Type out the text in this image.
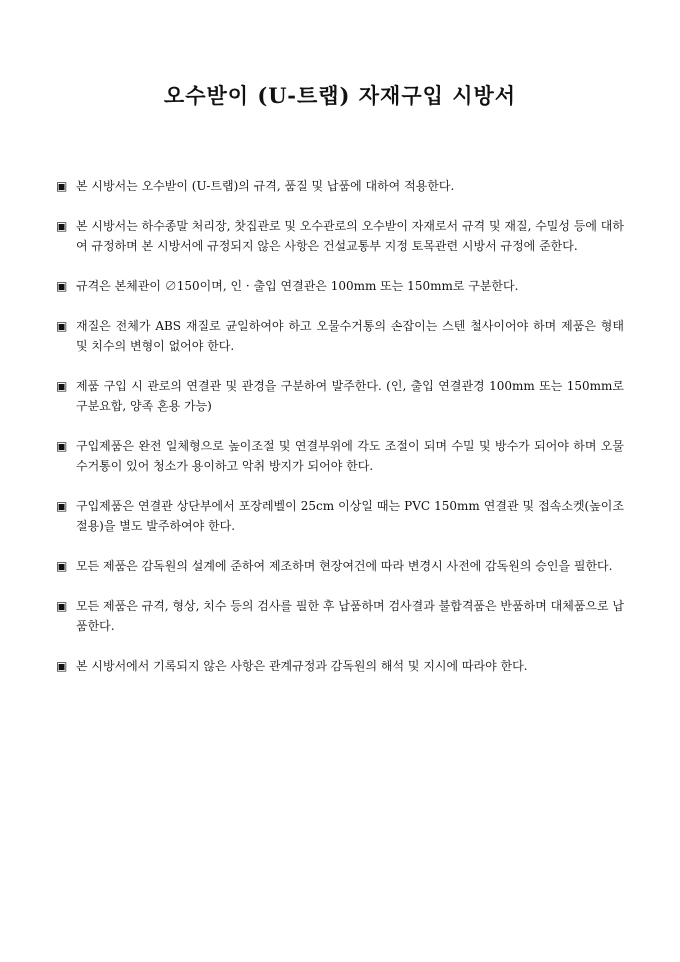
오수받이 (U-트랩) 자재구입 시방서
▣ 본 시방서는 오수받이 (U-트랩)의 규격, 품질 및 납품에 대하여 적용한다.
▣ 본 시방서는 하수종말 처리장, 찻집관로 및 오수관로의 오수받이 자재로서 규격 및 재질, 수밀성 등에 대하여 규정하며 본 시방서에 규정되지 않은 사항은 건설교통부 지정 토목관련 시방서 규정에 준한다.
▣ 규격은 본체관이 ∅150이며, 인 · 출입 연결관은 100mm 또는 150mm로 구분한다.
▣ 재질은 전체가 ABS 재질로 균일하여야 하고 오물수거통의 손잡이는 스텐 철사이어야 하며 제품은 형태 및 치수의 변형이 없어야 한다.
▣ 제품 구입 시 관로의 연결관 및 관경을 구분하여 발주한다. (인, 출입 연결관경 100mm 또는 150mm로 구분요합, 양족 혼용 가능)
▣ 구입제품은 완전 일체형으로 높이조절 및 연결부위에 각도 조절이 되며 수밀 및 방수가 되어야 하며 오물수거통이 있어 청소가 용이하고 악취 방지가 되어야 한다.
▣ 구입제품은 연결관 상단부에서 포장레벨이 25cm 이상일 때는 PVC 150mm 연결관 및 접속소켓(높이조절용)을 별도 발주하여야 한다.
▣ 모든 제품은 감독원의 설계에 준하여 제조하며 현장여건에 따라 변경시 사전에 감독원의 승인을 필한다.
▣ 모든 제품은 규격, 형상, 치수 등의 검사를 필한 후 납품하며 검사결과 불합격품은 반품하며 대체품으로 납품한다.
▣ 본 시방서에서 기록되지 않은 사항은 관계규정과 감독원의 해석 및 지시에 따라야 한다.
